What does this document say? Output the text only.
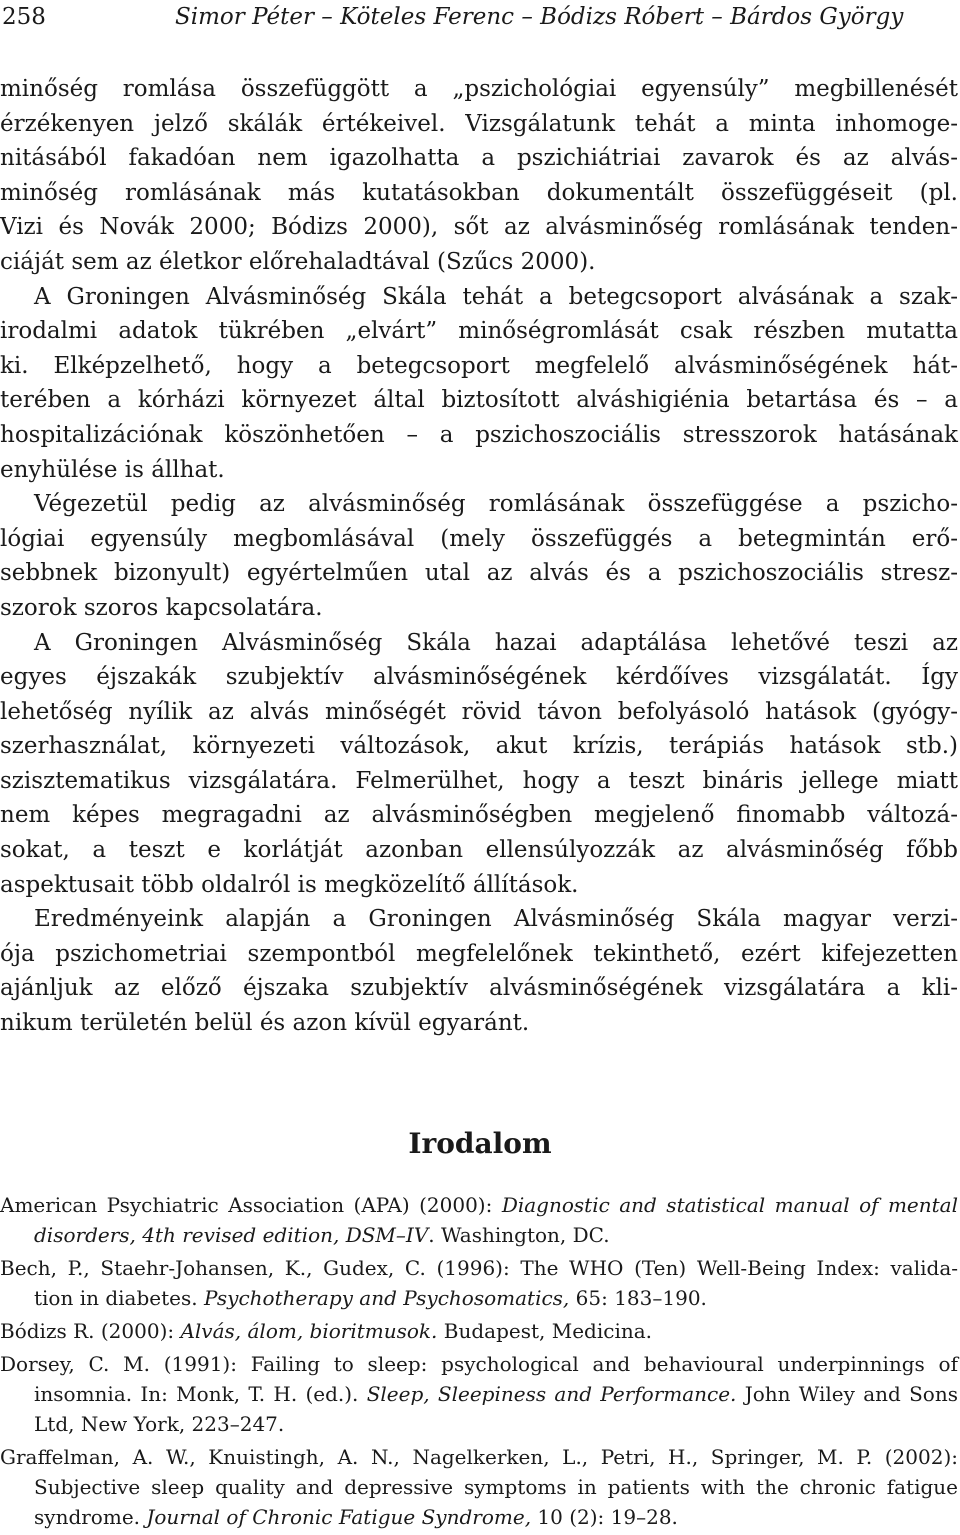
258	Simor Péter – Köteles Ferenc – Bódizs Róbert – Bárdos György
minőség romlása összefüggött a „pszichológiai egyensúly” megbillenését
érzékenyen jelző skálák értékeivel. Vizsgálatunk tehát a minta inhomoge-
nitásából fakadóan nem igazolhatta a pszichiátriai zavarok és az alvás-
minőség romlásának más kutatásokban dokumentált összefüggéseit (pl.
Vizi és Novák 2000; Bódizs 2000), sőt az alvásminőség romlásának tenden-
ciáját sem az életkor előrehaladtával (Szűcs 2000).
A Groningen Alvásminőség Skála tehát a betegcsoport alvásának a szak-
irodalmi adatok tükrében „elvárt” minőségromlását csak részben mutatta
ki. Elképzelhető, hogy a betegcsoport megfelelő alvásminőségének hát-
terében a kórházi környezet által biztosított alváshigiénia betartása és – a
hospitalizációnak köszönhetően – a pszichoszociális stresszorok hatásának
enyhülése is állhat.
Végezetül pedig az alvásminőség romlásának összefüggése a pszicho-
lógiai egyensúly megbomlásával (mely összefüggés a betegmintán erő-
sebbnek bizonyult) egyértelműen utal az alvás és a pszichoszociális stresz-
szorok szoros kapcsolatára.
A Groningen Alvásminőség Skála hazai adaptálása lehetővé teszi az
egyes éjszakák szubjektív alvásminőségének kérdőíves vizsgálatát. Így
lehetőség nyílik az alvás minőségét rövid távon befolyásoló hatások (gyógy-
szerhasználat, környezeti változások, akut krízis, terápiás hatások stb.)
szisztematikus vizsgálatára. Felmerülhet, hogy a teszt bináris jellege miatt
nem képes megragadni az alvásminőségben megjelenő finomabb változá-
sokat, a teszt e korlátját azonban ellensúlyozzák az alvásminőség főbb
aspektusait több oldalról is megközelítő állítások.
Eredményeink alapján a Groningen Alvásminőség Skála magyar verzi-
ója pszichometriai szempontból megfelelőnek tekinthető, ezért kifejezetten
ajánljuk az előző éjszaka szubjektív alvásminőségének vizsgálatára a kli-
nikum területén belül és azon kívül egyaránt.
Irodalom
American Psychiatric Association (APA) (2000): Diagnostic and statistical manual of mental
disorders, 4th revised edition, DSM–IV. Washington, DC.
Bech, P., Staehr-Johansen, K., Gudex, C. (1996): The WHO (Ten) Well-Being Index: valida-
tion in diabetes. Psychotherapy and Psychosomatics, 65: 183–190.
Bódizs R. (2000): Alvás, álom, bioritmusok. Budapest, Medicina.
Dorsey, C. M. (1991): Failing to sleep: psychological and behavioural underpinnings of
insomnia. In: Monk, T. H. (ed.). Sleep, Sleepiness and Performance. John Wiley and Sons
Ltd, New York, 223–247.
Graffelman, A. W., Knuistingh, A. N., Nagelkerken, L., Petri, H., Springer, M. P. (2002):
Subjective sleep quality and depressive symptoms in patients with the chronic fatigue
syndrome. Journal of Chronic Fatigue Syndrome, 10 (2): 19–28.
